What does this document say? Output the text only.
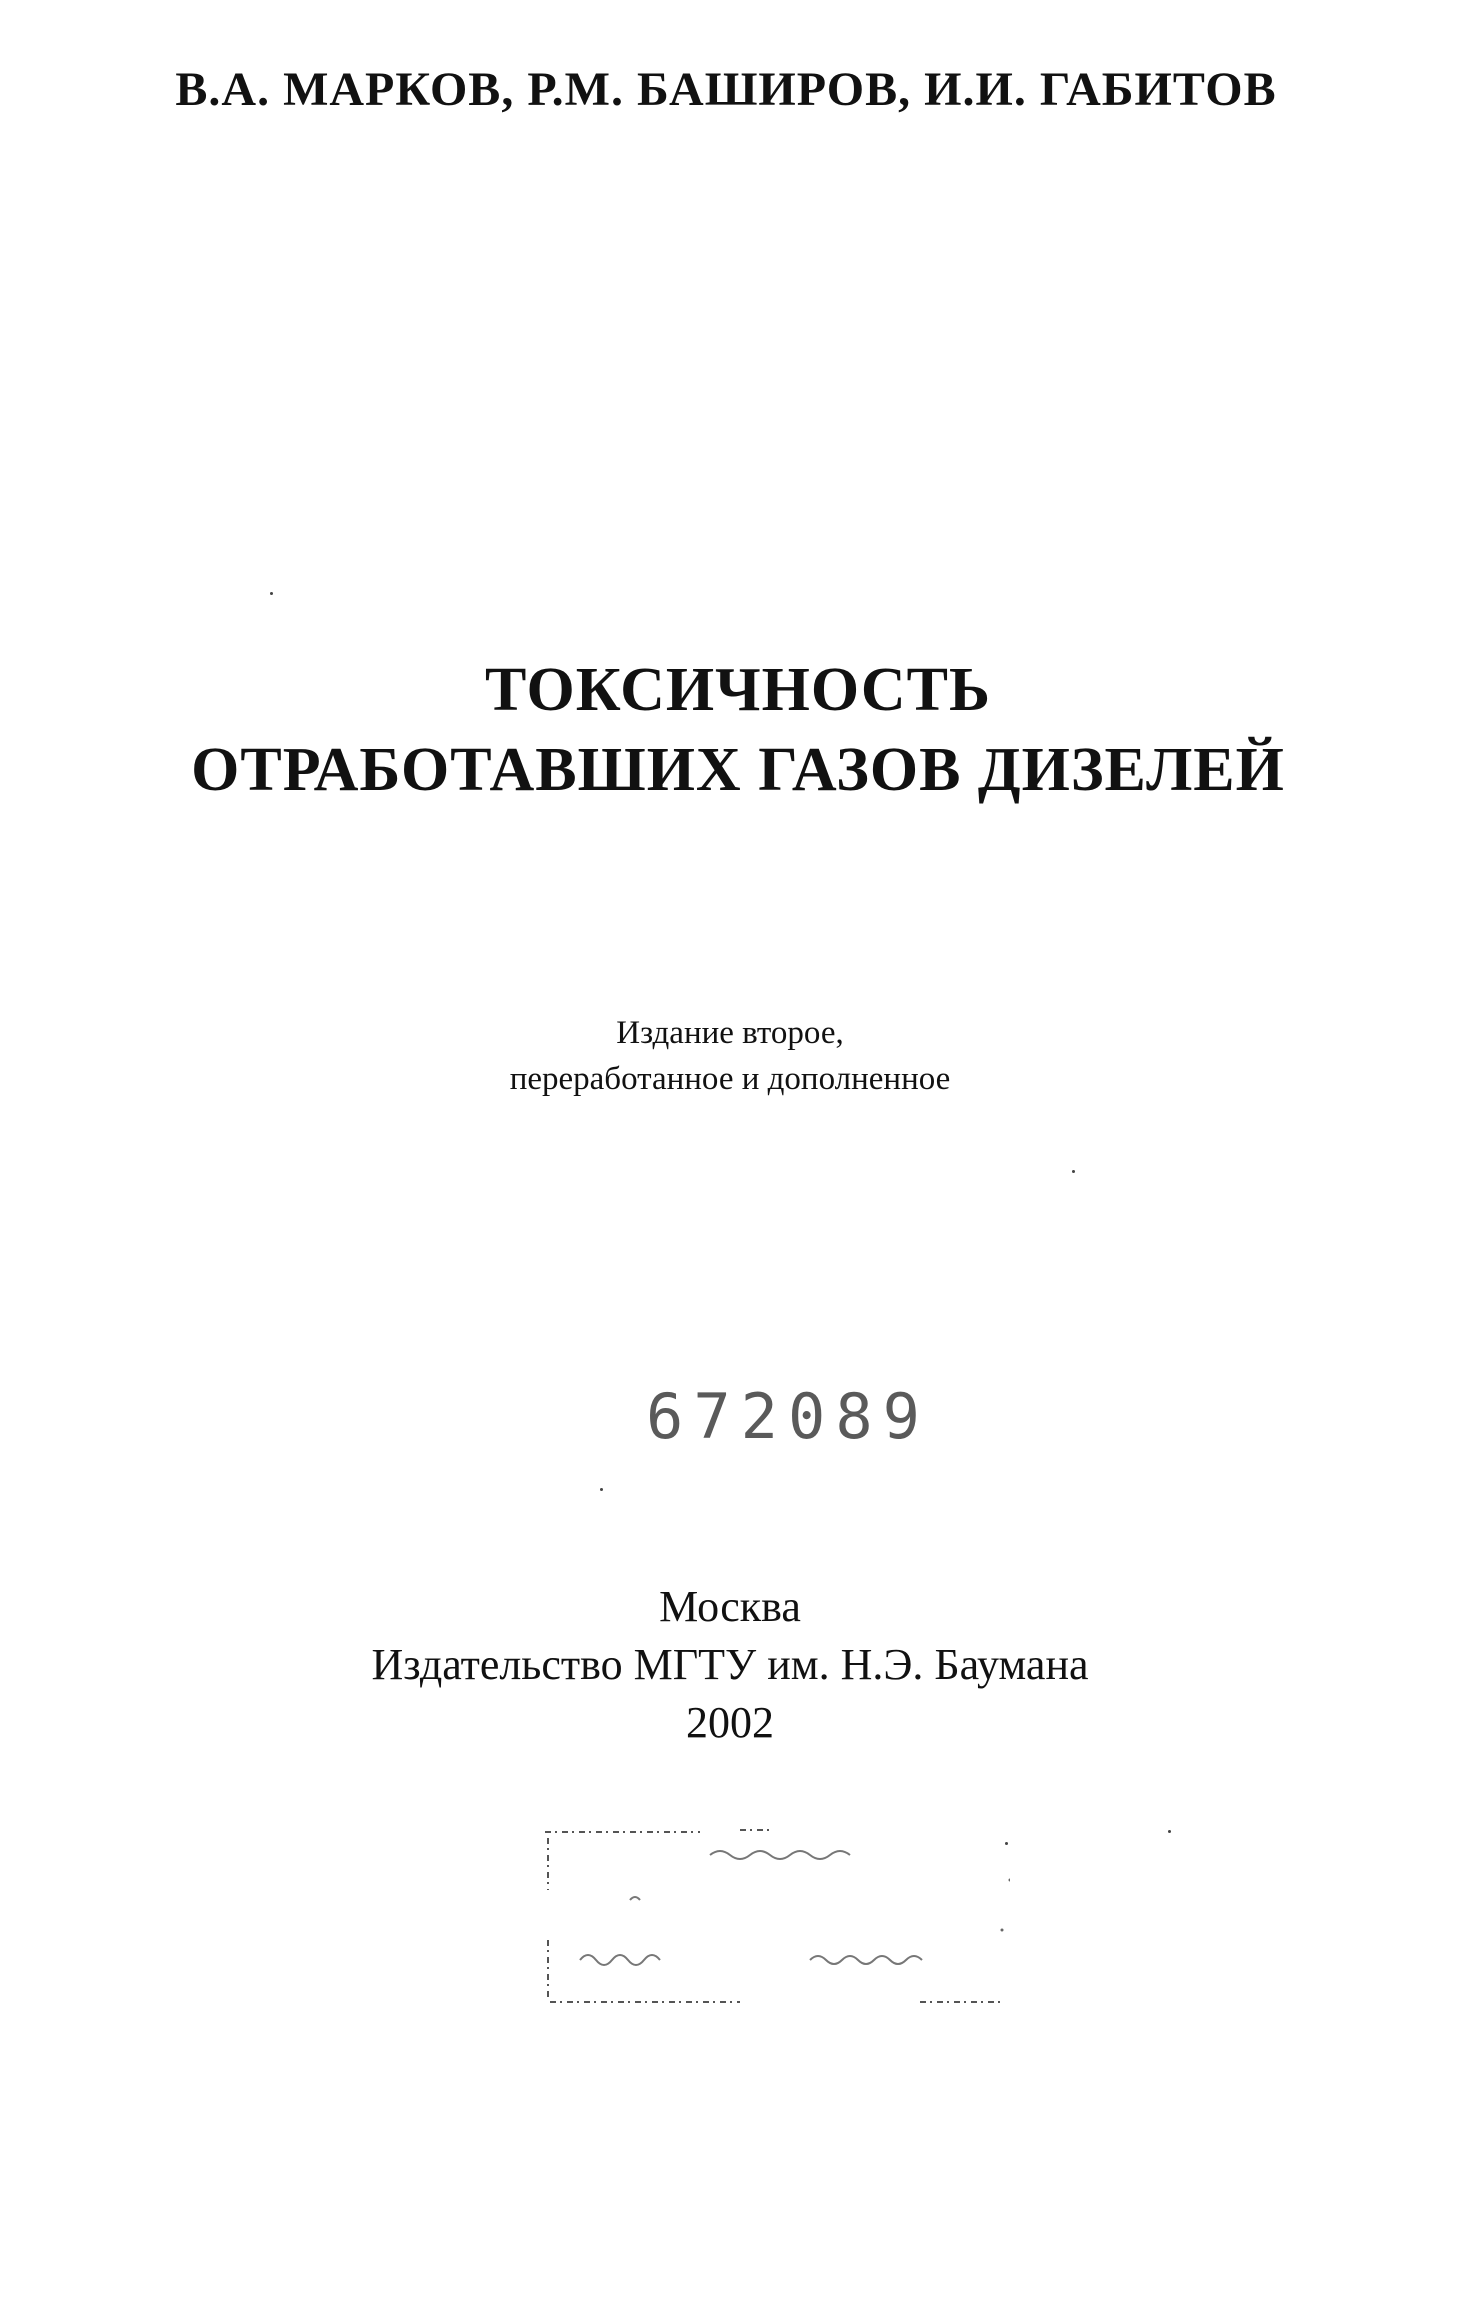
В.А. МАРКОВ, Р.М. БАШИРОВ, И.И. ГАБИТОВ
ТОКСИЧНОСТЬ
ОТРАБОТАВШИХ ГАЗОВ ДИЗЕЛЕЙ
Издание второе,
переработанное и дополненное
672089
Москва
Издательство МГТУ им. Н.Э. Баумана
2002
